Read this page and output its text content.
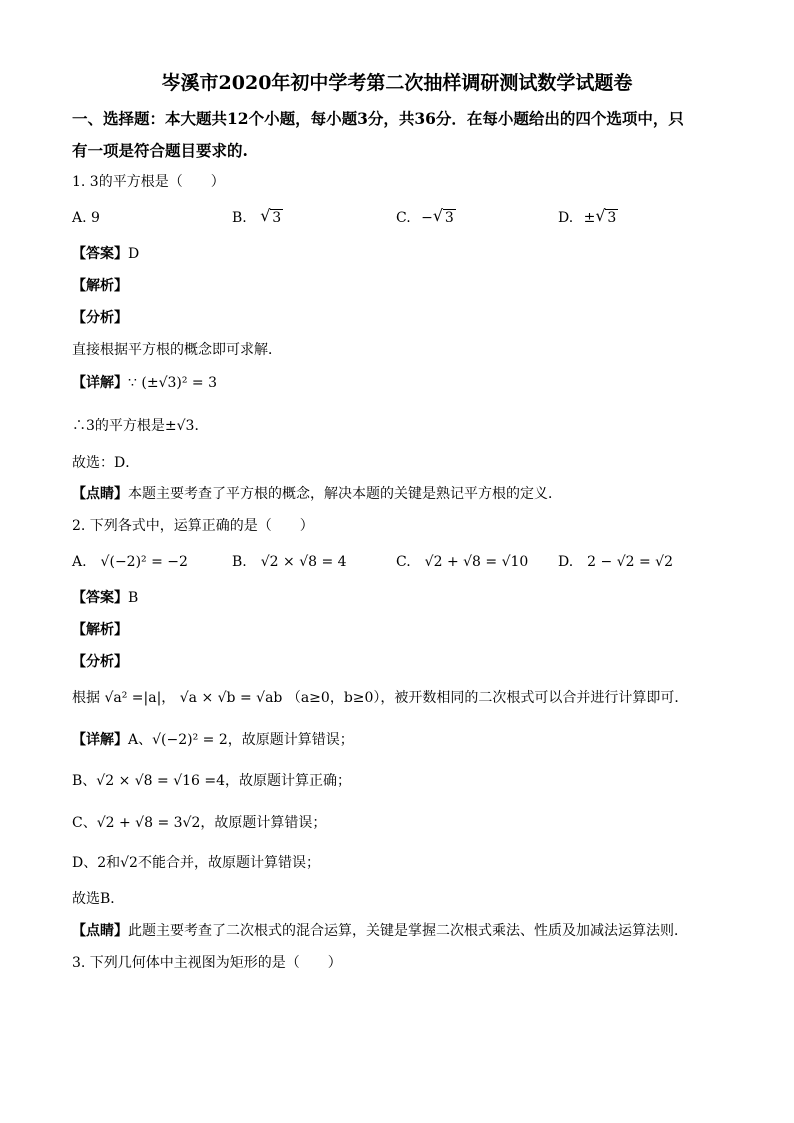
岑溪市2020年初中学考第二次抽样调研测试数学试题卷
一、选择题：本大题共12个小题，每小题3分，共36分．在每小题给出的四个选项中，只
有一项是符合题目要求的.
1. 3的平方根是（　　）
A. 9	B. √ 3	C. − √ 3	D. ± √ 3
【答案】D
【解析】
【分析】
直接根据平方根的概念即可求解．
【详解】∵ (±√3)² = 3
∴3的平方根是±√3．
故选：D．
【点睛】本题主要考查了平方根的概念，解决本题的关键是熟记平方根的定义．
2. 下列各式中，运算正确的是（　　）
A.　√(−2)² = −2	B.　√2 × √8 = 4	C.　√2 + √8 = √10 D.　2 − √2 = √2
【答案】B
【解析】
【分析】
根据 √a² =|a|， √a × √b = √ab （a≥0，b≥0），被开数相同的二次根式可以合并进行计算即可．
【详解】A、√(−2)² = 2，故原题计算错误；
B、√2 × √8 = √16 =4，故原题计算正确；
C、√2 + √8 = 3√2，故原题计算错误；
D、2和√2不能合并，故原题计算错误；
故选B．
【点睛】此题主要考查了二次根式的混合运算，关键是掌握二次根式乘法、性质及加减法运算法则．
3. 下列几何体中主视图为矩形的是（　　）
